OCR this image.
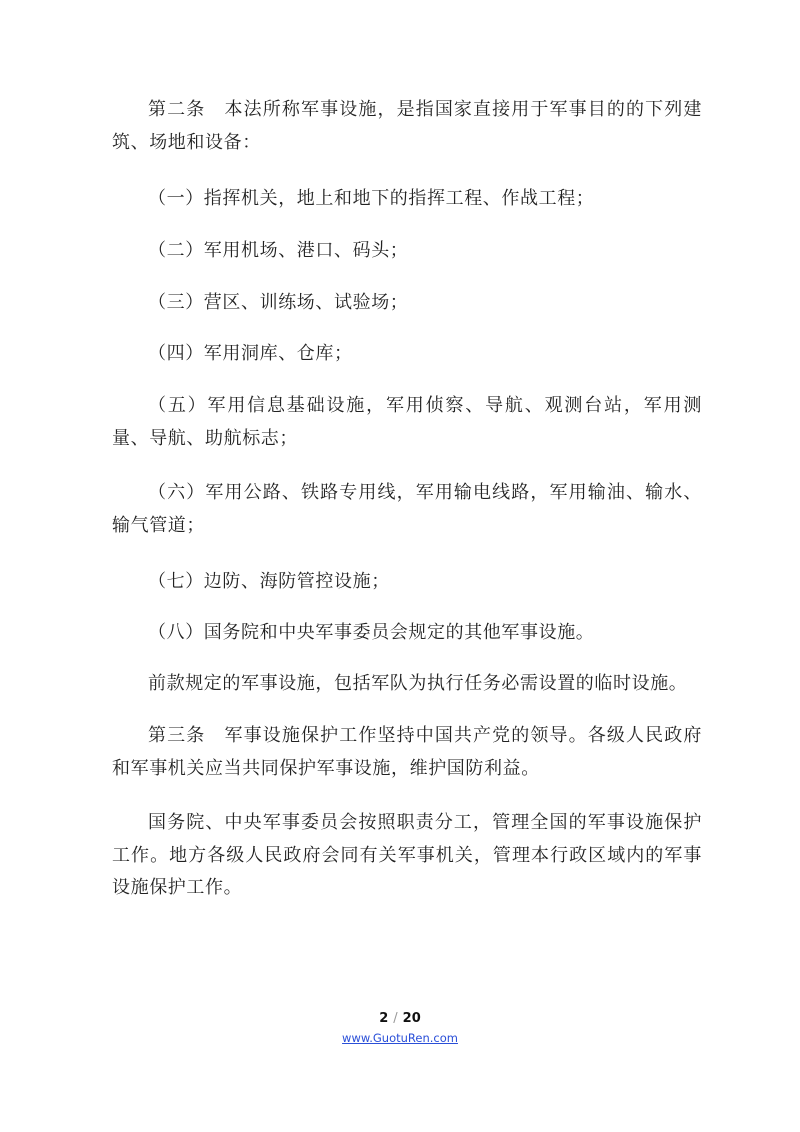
第二条　本法所称军事设施，是指国家直接用于军事目的的下列建筑、场地和设备：

（一）指挥机关，地上和地下的指挥工程、作战工程；

（二）军用机场、港口、码头；

（三）营区、训练场、试验场；

（四）军用洞库、仓库；

（五）军用信息基础设施，军用侦察、导航、观测台站，军用测量、导航、助航标志；

（六）军用公路、铁路专用线，军用输电线路，军用输油、输水、输气管道；

（七）边防、海防管控设施；

（八）国务院和中央军事委员会规定的其他军事设施。

前款规定的军事设施，包括军队为执行任务必需设置的临时设施。

第三条　军事设施保护工作坚持中国共产党的领导。各级人民政府和军事机关应当共同保护军事设施，维护国防利益。

国务院、中央军事委员会按照职责分工，管理全国的军事设施保护工作。地方各级人民政府会同有关军事机关，管理本行政区域内的军事设施保护工作。

2 / 20
www.GuotuRen.com
